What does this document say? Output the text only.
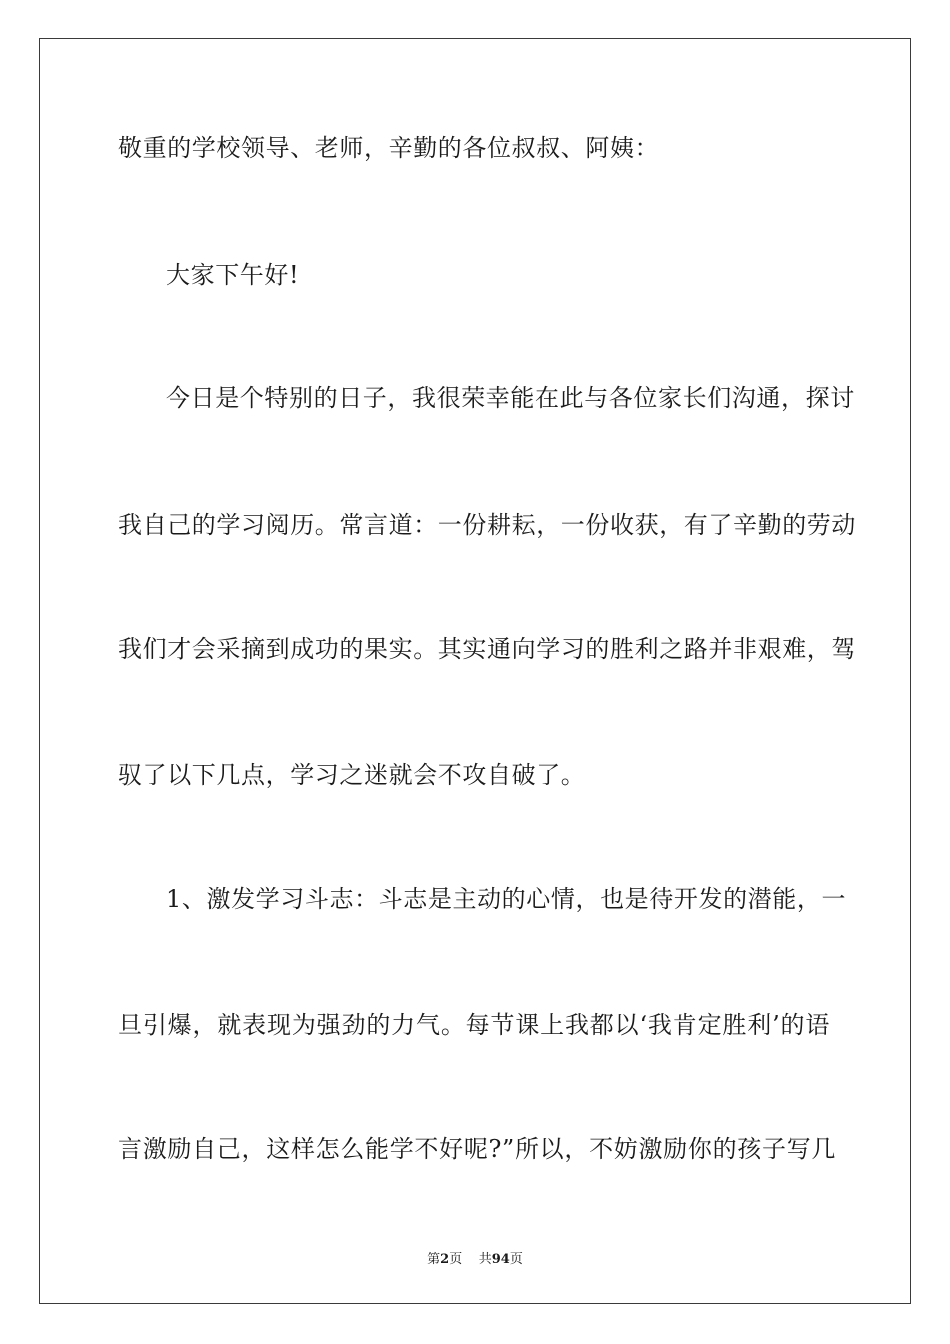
敬重的学校领导、老师，辛勤的各位叔叔、阿姨：
大家下午好!
今日是个特别的日子，我很荣幸能在此与各位家长们沟通，探讨
我自己的学习阅历。常言道：一份耕耘，一份收获，有了辛勤的劳动
我们才会采摘到成功的果实。其实通向学习的胜利之路并非艰难，驾
驭了以下几点，学习之迷就会不攻自破了。
1、激发学习斗志：斗志是主动的心情，也是待开发的潜能，一
旦引爆，就表现为强劲的力气。每节课上我都以‘我肯定胜利’的语
言激励自己，这样怎么能学不好呢?”所以，不妨激励你的孩子写几
第2页 共94页
